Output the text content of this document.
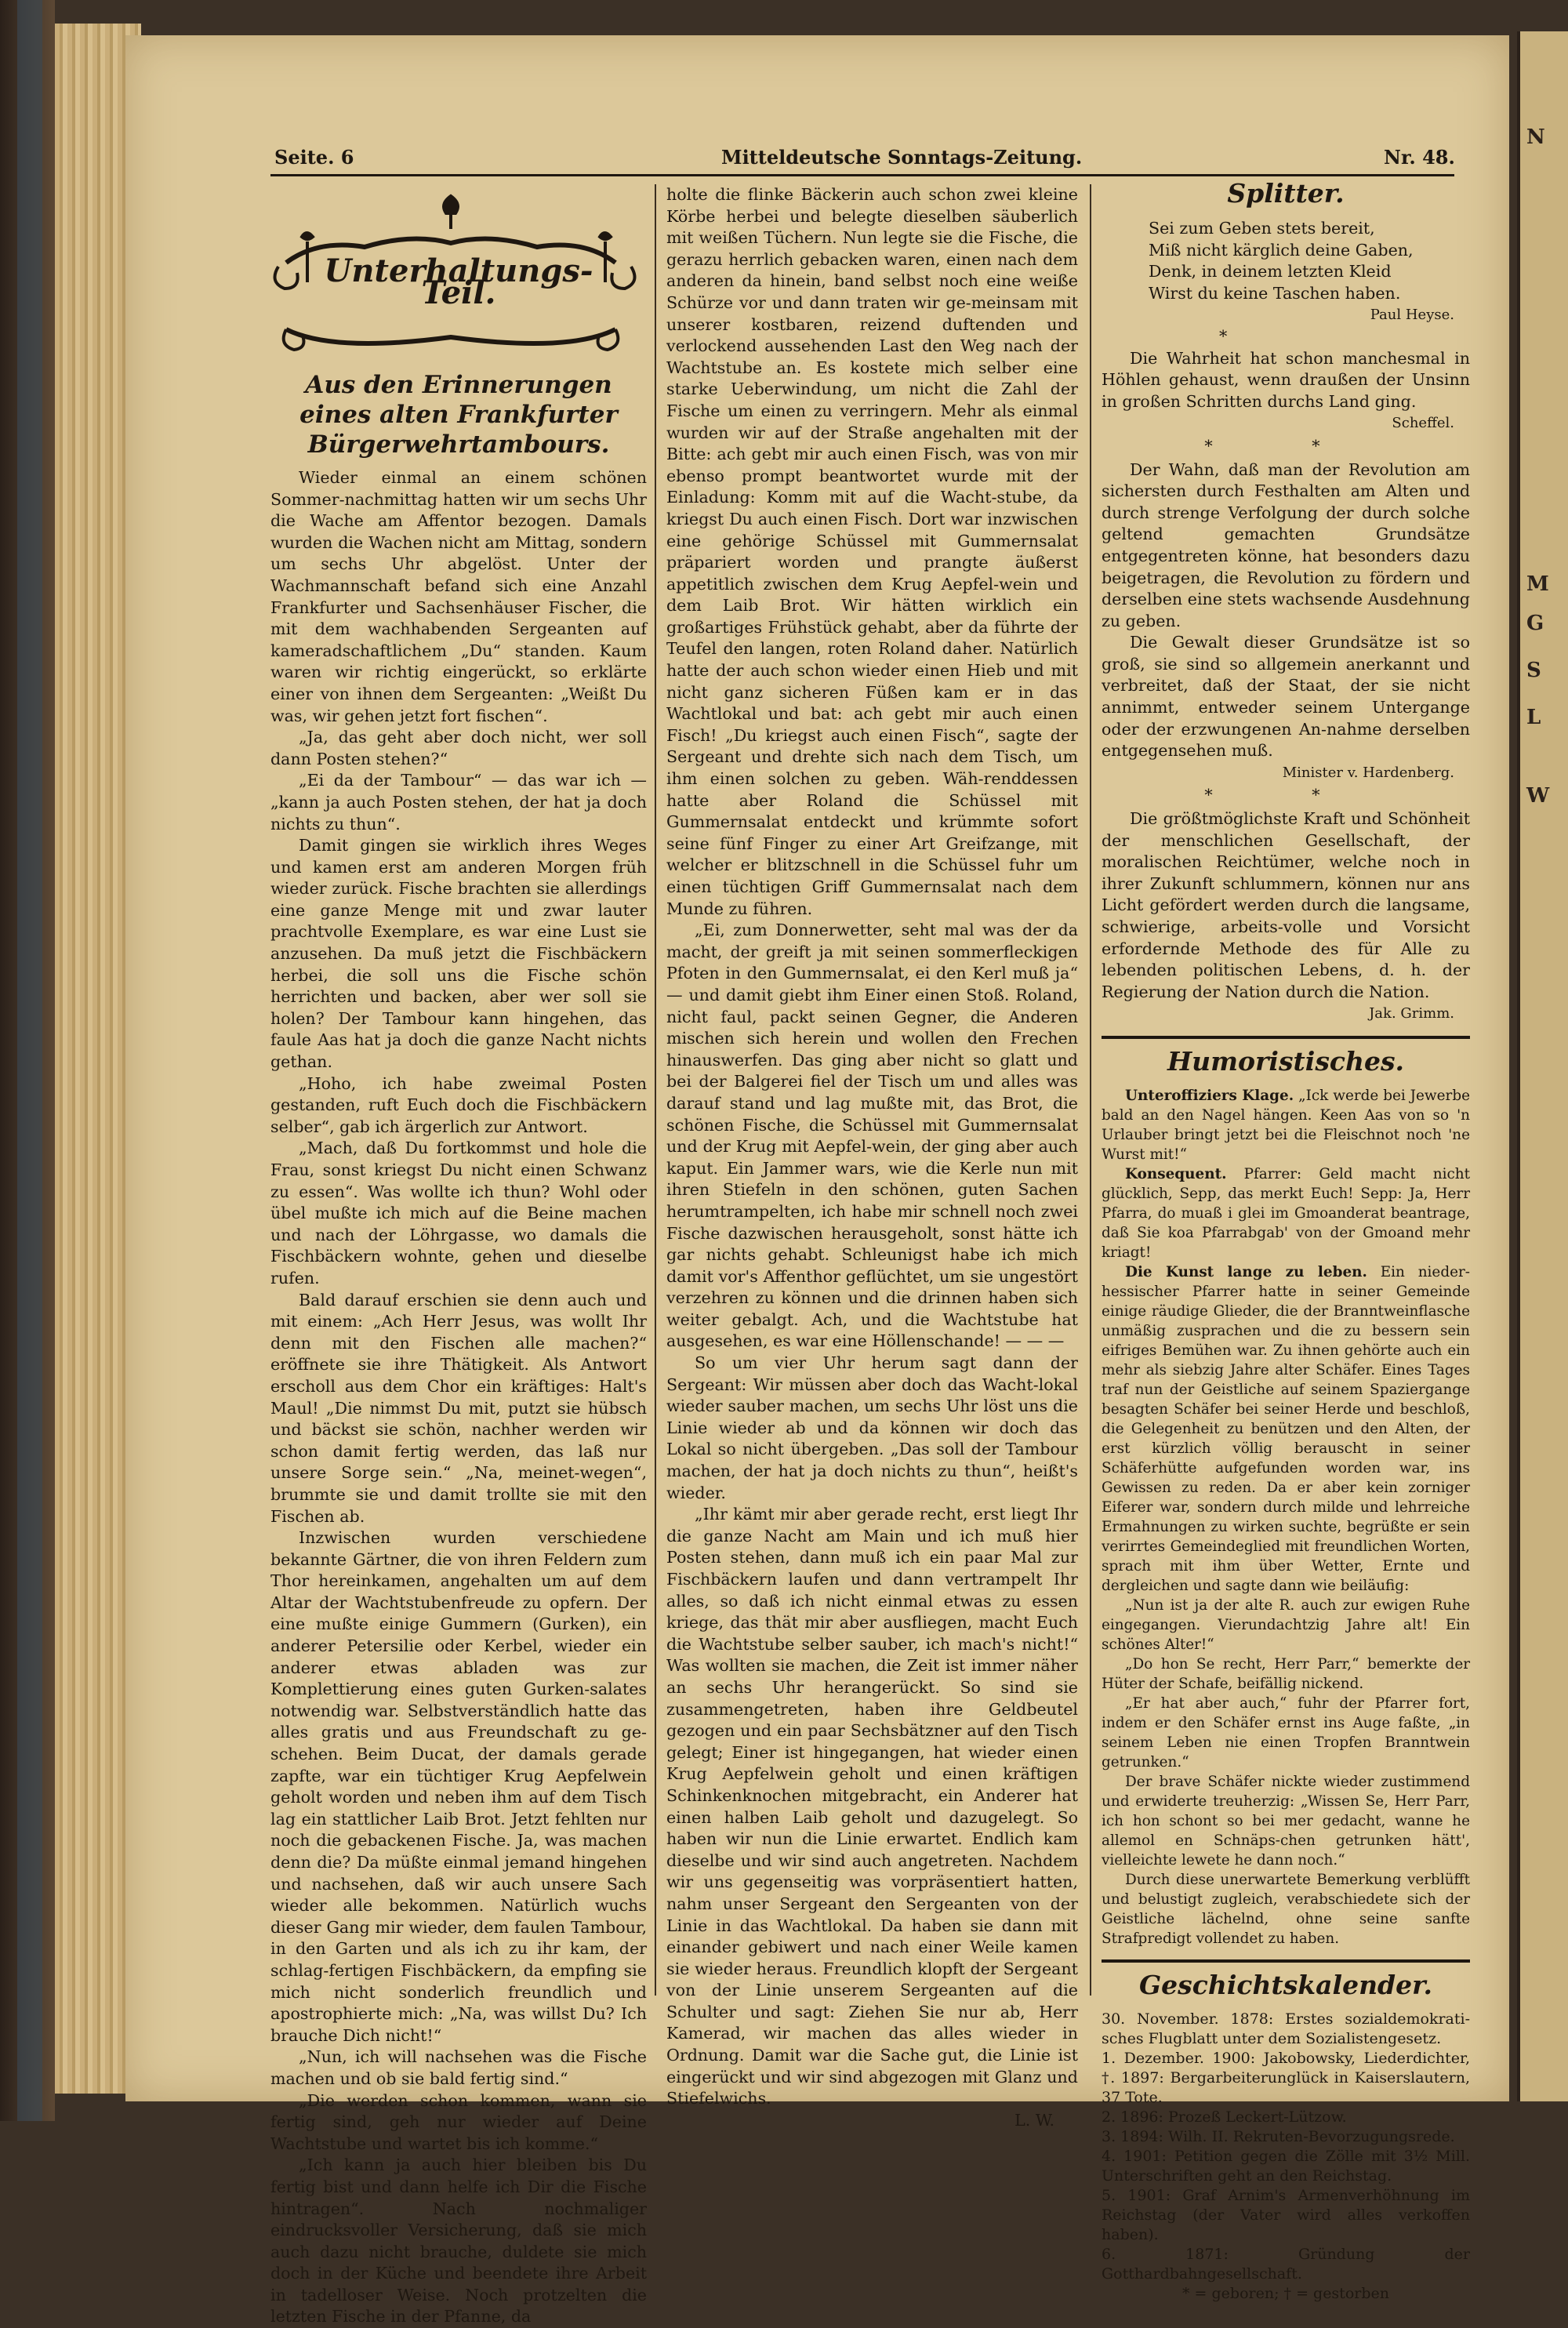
N
M
G
S
L
W
Seite. 6	Mitteldeutsche Sonntags-Zeitung.	Nr. 48.
Unterhaltungs-Teil.
Aus den Erinnerungen eines alten Frankfurter Bürgerwehrtambours.

Wieder einmal an einem schönen Sommer-nachmittag hatten wir um sechs Uhr die Wache am Affentor bezogen. Damals wurden die Wachen nicht am Mittag, sondern um sechs Uhr abgelöst. Unter der Wachmannschaft befand sich eine Anzahl Frankfurter und Sachsenhäuser Fischer, die mit dem wachhabenden Sergeanten auf kameradschaftlichem „Du“ standen. Kaum waren wir richtig eingerückt, so erklärte einer von ihnen dem Sergeanten: „Weißt Du was, wir gehen jetzt fort fischen“.

„Ja, das geht aber doch nicht, wer soll dann Posten stehen?“

„Ei da der Tambour“ — das war ich — „kann ja auch Posten stehen, der hat ja doch nichts zu thun“.

Damit gingen sie wirklich ihres Weges und kamen erst am anderen Morgen früh wieder zurück. Fische brachten sie allerdings eine ganze Menge mit und zwar lauter prachtvolle Exemplare, es war eine Lust sie anzusehen. Da muß jetzt die Fischbäckern herbei, die soll uns die Fische schön herrichten und backen, aber wer soll sie holen? Der Tambour kann hingehen, das faule Aas hat ja doch die ganze Nacht nichts gethan.

„Hoho, ich habe zweimal Posten gestanden, ruft Euch doch die Fischbäckern selber“, gab ich ärgerlich zur Antwort.

„Mach, daß Du fortkommst und hole die Frau, sonst kriegst Du nicht einen Schwanz zu essen“. Was wollte ich thun? Wohl oder übel mußte ich mich auf die Beine machen und nach der Löhrgasse, wo damals die Fischbäckern wohnte, gehen und dieselbe rufen.

Bald darauf erschien sie denn auch und mit einem: „Ach Herr Jesus, was wollt Ihr denn mit den Fischen alle machen?“ eröffnete sie ihre Thätigkeit. Als Antwort erscholl aus dem Chor ein kräftiges: Halt's Maul! „Die nimmst Du mit, putzt sie hübsch und bäckst sie schön, nachher werden wir schon damit fertig werden, das laß nur unsere Sorge sein.“ „Na, meinet-wegen“, brummte sie und damit trollte sie mit den Fischen ab.

Inzwischen wurden verschiedene bekannte Gärtner, die von ihren Feldern zum Thor hereinkamen, angehalten um auf dem Altar der Wachtstubenfreude zu opfern. Der eine mußte einige Gummern (Gurken), ein anderer Petersilie oder Kerbel, wieder ein anderer etwas abladen was zur Komplettierung eines guten Gurken-salates notwendig war. Selbstverständlich hatte das alles gratis und aus Freundschaft zu ge-schehen. Beim Ducat, der damals gerade zapfte, war ein tüchtiger Krug Aepfelwein geholt worden und neben ihm auf dem Tisch lag ein stattlicher Laib Brot. Jetzt fehlten nur noch die gebackenen Fische. Ja, was machen denn die? Da müßte einmal jemand hingehen und nachsehen, daß wir auch unsere Sach wieder alle bekommen. Natürlich wuchs dieser Gang mir wieder, dem faulen Tambour, in den Garten und als ich zu ihr kam, der schlag-fertigen Fischbäckern, da empfing sie mich nicht sonderlich freundlich und apostrophierte mich: „Na, was willst Du? Ich brauche Dich nicht!“

„Nun, ich will nachsehen was die Fische machen und ob sie bald fertig sind.“

„Die werden schon kommen, wann sie fertig sind, geh nur wieder auf Deine Wachtstube und wartet bis ich komme.“

„Ich kann ja auch hier bleiben bis Du fertig bist und dann helfe ich Dir die Fische hintragen“. Nach nochmaliger eindrucksvoller Versicherung, daß sie mich auch dazu nicht brauche, duldete sie mich doch in der Küche und beendete ihre Arbeit in tadelloser Weise. Noch protzelten die letzten Fische in der Pfanne, da

holte die flinke Bäckerin auch schon zwei kleine Körbe herbei und belegte dieselben säuberlich mit weißen Tüchern. Nun legte sie die Fische, die gerazu herrlich gebacken waren, einen nach dem anderen da hinein, band selbst noch eine weiße Schürze vor und dann traten wir ge-meinsam mit unserer kostbaren, reizend duftenden und verlockend aussehenden Last den Weg nach der Wachtstube an. Es kostete mich selber eine starke Ueberwindung, um nicht die Zahl der Fische um einen zu verringern. Mehr als einmal wurden wir auf der Straße angehalten mit der Bitte: ach gebt mir auch einen Fisch, was von mir ebenso prompt beantwortet wurde mit der Einladung: Komm mit auf die Wacht-stube, da kriegst Du auch einen Fisch. Dort war inzwischen eine gehörige Schüssel mit Gummernsalat präpariert worden und prangte äußerst appetitlich zwischen dem Krug Aepfel-wein und dem Laib Brot. Wir hätten wirklich ein großartiges Frühstück gehabt, aber da führte der Teufel den langen, roten Roland daher. Natürlich hatte der auch schon wieder einen Hieb und mit nicht ganz sicheren Füßen kam er in das Wachtlokal und bat: ach gebt mir auch einen Fisch! „Du kriegst auch einen Fisch“, sagte der Sergeant und drehte sich nach dem Tisch, um ihm einen solchen zu geben. Wäh-renddessen hatte aber Roland die Schüssel mit Gummernsalat entdeckt und krümmte sofort seine fünf Finger zu einer Art Greifzange, mit welcher er blitzschnell in die Schüssel fuhr um einen tüchtigen Griff Gummernsalat nach dem Munde zu führen.

„Ei, zum Donnerwetter, seht mal was der da macht, der greift ja mit seinen sommerfleckigen Pfoten in den Gummernsalat, ei den Kerl muß ja“ — und damit giebt ihm Einer einen Stoß. Roland, nicht faul, packt seinen Gegner, die Anderen mischen sich herein und wollen den Frechen hinauswerfen. Das ging aber nicht so glatt und bei der Balgerei fiel der Tisch um und alles was darauf stand und lag mußte mit, das Brot, die schönen Fische, die Schüssel mit Gummernsalat und der Krug mit Aepfel-wein, der ging aber auch kaput. Ein Jammer wars, wie die Kerle nun mit ihren Stiefeln in den schönen, guten Sachen herumtrampelten, ich habe mir schnell noch zwei Fische dazwischen herausgeholt, sonst hätte ich gar nichts gehabt. Schleunigst habe ich mich damit vor's Affenthor geflüchtet, um sie ungestört verzehren zu können und die drinnen haben sich weiter gebalgt. Ach, und die Wachtstube hat ausgesehen, es war eine Höllenschande! — — —

So um vier Uhr herum sagt dann der Sergeant: Wir müssen aber doch das Wacht-lokal wieder sauber machen, um sechs Uhr löst uns die Linie wieder ab und da können wir doch das Lokal so nicht übergeben. „Das soll der Tambour machen, der hat ja doch nichts zu thun“, heißt's wieder.

„Ihr kämt mir aber gerade recht, erst liegt Ihr die ganze Nacht am Main und ich muß hier Posten stehen, dann muß ich ein paar Mal zur Fischbäckern laufen und dann vertrampelt Ihr alles, so daß ich nicht einmal etwas zu essen kriege, das thät mir aber ausfliegen, macht Euch die Wachtstube selber sauber, ich mach's nicht!“ Was wollten sie machen, die Zeit ist immer näher an sechs Uhr herangerückt. So sind sie zusammengetreten, haben ihre Geldbeutel gezogen und ein paar Sechsbätzner auf den Tisch gelegt; Einer ist hingegangen, hat wieder einen Krug Aepfelwein geholt und einen kräftigen Schinkenknochen mitgebracht, ein Anderer hat einen halben Laib geholt und dazugelegt. So haben wir nun die Linie erwartet. Endlich kam dieselbe und wir sind auch angetreten. Nachdem wir uns gegenseitig was vorpräsentiert hatten, nahm unser Sergeant den Sergeanten von der Linie in das Wachtlokal. Da haben sie dann mit einander gebiwert und nach einer Weile kamen sie wieder heraus. Freundlich klopft der Sergeant von der Linie unserem Sergeanten auf die Schulter und sagt: Ziehen Sie nur ab, Herr Kamerad, wir machen das alles wieder in Ordnung. Damit war die Sache gut, die Linie ist eingerückt und wir sind abgezogen mit Glanz und Stiefelwichs.

L. W.
Splitter.
Sei zum Geben stets bereit,
Miß nicht kärglich deine Gaben,
Denk, in deinem letzten Kleid
Wirst du keine Taschen haben.
Paul Heyse.
*

Die Wahrheit hat schon manchesmal in Höhlen gehaust, wenn draußen der Unsinn in großen Schritten durchs Land ging.

Scheffel.
* *

Der Wahn, daß man der Revolution am sichersten durch Festhalten am Alten und durch strenge Verfolgung der durch solche geltend gemachten Grundsätze entgegentreten könne, hat besonders dazu beigetragen, die Revolution zu fördern und derselben eine stets wachsende Ausdehnung zu geben.

Die Gewalt dieser Grundsätze ist so groß, sie sind so allgemein anerkannt und verbreitet, daß der Staat, der sie nicht annimmt, entweder seinem Untergange oder der erzwungenen An-nahme derselben entgegensehen muß.

Minister v. Hardenberg.
* *

Die größtmöglichste Kraft und Schönheit der menschlichen Gesellschaft, der moralischen Reichtümer, welche noch in ihrer Zukunft schlummern, können nur ans Licht gefördert werden durch die langsame, schwierige, arbeits-volle und Vorsicht erfordernde Methode des für Alle zu lebenden politischen Lebens, d. h. der Regierung der Nation durch die Nation.

Jak. Grimm.
Humoristisches.

Unteroffiziers Klage. „Ick werde bei Jewerbe bald an den Nagel hängen. Keen Aas von so 'n Urlauber bringt jetzt bei die Fleischnot noch 'ne Wurst mit!“

Konsequent. Pfarrer: Geld macht nicht glücklich, Sepp, das merkt Euch! Sepp: Ja, Herr Pfarra, do muaß i glei im Gmoanderat beantrage, daß Sie koa Pfarrabgab' von der Gmoand mehr kriagt!

Die Kunst lange zu leben. Ein nieder-hessischer Pfarrer hatte in seiner Gemeinde einige räudige Glieder, die der Branntweinflasche unmäßig zusprachen und die zu bessern sein eifriges Bemühen war. Zu ihnen gehörte auch ein mehr als siebzig Jahre alter Schäfer. Eines Tages traf nun der Geistliche auf seinem Spaziergange besagten Schäfer bei seiner Herde und beschloß, die Gelegenheit zu benützen und den Alten, der erst kürzlich völlig berauscht in seiner Schäferhütte aufgefunden worden war, ins Gewissen zu reden. Da er aber kein zorniger Eiferer war, sondern durch milde und lehrreiche Ermahnungen zu wirken suchte, begrüßte er sein verirrtes Gemeindeglied mit freundlichen Worten, sprach mit ihm über Wetter, Ernte und dergleichen und sagte dann wie beiläufig:

„Nun ist ja der alte R. auch zur ewigen Ruhe eingegangen. Vierundachtzig Jahre alt! Ein schönes Alter!“

„Do hon Se recht, Herr Parr,“ bemerkte der Hüter der Schafe, beifällig nickend.

„Er hat aber auch,“ fuhr der Pfarrer fort, indem er den Schäfer ernst ins Auge faßte, „in seinem Leben nie einen Tropfen Branntwein getrunken.“

Der brave Schäfer nickte wieder zustimmend und erwiderte treuherzig: „Wissen Se, Herr Parr, ich hon schont so bei mer gedacht, wanne he allemol en Schnäps-chen getrunken hätt', vielleichte lewete he dann noch.“

Durch diese unerwartete Bemerkung verblüfft und belustigt zugleich, verabschiedete sich der Geistliche lächelnd, ohne seine sanfte Strafpredigt vollendet zu haben.

Geschichtskalender.

30. November. 1878: Erstes sozialdemokrati-sches Flugblatt unter dem Sozialistengesetz.

1. Dezember. 1900: Jakobowsky, Liederdichter, †. 1897: Bergarbeiterunglück in Kaiserslautern, 37 Tote.

2. 1896: Prozeß Leckert-Lützow.

3. 1894: Wilh. II. Rekruten-Bevorzugungsrede.

4. 1901: Petition gegen die Zölle mit 3½ Mill. Unterschriften geht an den Reichstag.

5. 1901: Graf Arnim's Armenverhöhnung im Reichstag (der Vater wird alles verkoffen haben).

6. 1871: Gründung der Gotthardbahngesellschaft.

* = geboren; † = gestorben
